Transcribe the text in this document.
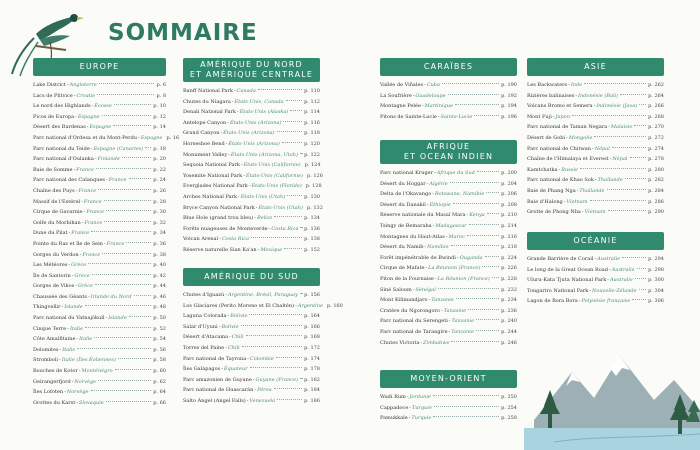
SOMMAIRE
EUROPE
Lake District - Angleterre	p. 6
Lacs de Plitvice - Croatie	p. 8
Le nord des Highlands - Écosse	p. 10
Picos de Europa - Espagne	p. 12
Désert des Bardenas - Espagne	p. 14
Parc national d'Ordesa et du Mont-Perdu - Espagne p. 16
Parc national du Teide - Espagne (Canaries) p. 18
Parc national d'Oulanka - Finlande	p. 20
Baie de Somme - France	p. 22
Parc national des Calanques - France	p. 24
Chaîne des Puys - France	p. 26
Massif de l'Estérel - France	p. 28
Cirque de Gavarnie - France	p. 30
Golfe du Morbihan - France	p. 32
Dune du Pilat - France	p. 34
Pointe du Raz et île de Sein - France	p. 36
Gorges du Verdon - France	p. 38
Les Météores - Grèce	p. 40
Île de Santorin - Grèce	p. 42
Gorges de Vikos - Grèce	p. 44
Chaussée des Géants - Irlande du Nord	p. 46
Thingvellir - Islande	p. 48
Parc national du Vatnajökull - Islande	p. 50
Cinque Terre - Italie	p. 52
Côte Amalfitaine - Italie	p. 54
Dolomites - Italie	p. 56
Stromboli - Italie (Îles Éoliennes)	p. 58
Bouches de Kotor - Monténégro	p. 60
Geirangerfjord - Norvège	p. 62
Îles Lofoten - Norvège	p. 64
Grottes du Karst - Slovaquie	p. 66
AMÉRIQUE DU NORD
ET AMÉRIQUE CENTRALE
Banff National Park - Canada	p. 110
Chutes du Niagara - États-Unis, Canada	p. 112
Denali National Park - États-Unis (Alaska)	p. 114
Antelope Canyon - États-Unis (Arizona)	p. 116
Grand Canyon - États-Unis (Arizona)	p. 118
Horseshoe Bend - États-Unis (Arizona)	p. 120
Monument Valley - États-Unis (Arizona, Utah) p. 122
Sequoia National Park - États-Unis (Californie) p. 124
Yosemite National Park - États-Unis (Californie) p. 126
Everglades National Park - États-Unis (Floride) p. 128
Arches National Park - États-Unis (Utah)	p. 130
Bryce Canyon National Park - États-Unis (Utah) p. 132
Blue Hole (grand trou bleu) - Belize	p. 134
Forêts nuageuses de Monteverde - Costa Rica p. 136
Volcan Arenal - Costa Rica	p. 138
Réserve naturelle Sian Ka'an - Mexique	p. 152
AMÉRIQUE DU SUD
Chutes d'Iguazú - Argentine, Brésil, Paraguay p. 156
Los Glaciares (Perito Moreno et El Chaltén) - Argentine p. 160
Laguna Colorada - Bolivie	p. 164
Salar d'Uyuni - Bolivie	p. 166
Désert d'Atacama - Chili	p. 168
Torres del Paine - Chili	p. 172
Parc national de Tayrona - Colombie	p. 174
Îles Galápagos - Équateur	p. 178
Parc amazonien de Guyane - Guyane (France) p. 182
Parc national de Huascarán - Pérou	p. 184
Salto Ángel (Angel Falls) - Venezuela	p. 186
CARAÏBES
Vallée de Viñales - Cuba	p. 190
La Soufrière - Guadeloupe	p. 192
Montagne Pelée - Martinique	p. 194
Pitons de Sainte-Lucie - Sainte-Lucie	p. 196
AFRIQUE
ET OCEAN INDIEN
Parc national Kruger - Afrique du Sud	p. 200
Désert du Hoggar - Algérie	p. 204
Delta de l'Okavango - Botswana, Namibie	p. 206
Désert du Danakil - Éthiopie	p. 208
Réserve nationale du Masaï Mara - Kenya	p. 210
Tsingy de Bemaraha - Madagascar	p. 214
Montagnes du Haut-Atlas - Maroc	p. 216
Désert du Namib - Namibie	p. 218
Forêt impénétrable de Bwindi - Ouganda	p. 224
Cirque de Mafate - La Réunion (France)	p. 226
Piton de la Fournaise - La Réunion (France) p. 228
Siné Saloum - Sénégal	p. 232
Mont Kilimandjaro - Tanzanie	p. 234
Cratère du Ngorongoro - Tanzanie	p. 236
Parc national du Serengeti - Tanzanie	p. 240
Parc national de Tarangire - Tanzanie	p. 244
Chutes Victoria - Zimbabwe	p. 246
MOYEN-ORIENT
Wadi Rum - Jordanie	p. 250
Cappadoce - Turquie	p. 254
Pamukkale - Turquie	p. 258
ASIE
Les Backwaters - Inde	p. 262
Rizières balinaises - Indonésie (Bali)	p. 264
Volcans Bromo et Semeru - Indonésie (Java) p. 266
Mont Fuji - Japon	p. 268
Parc national de Taman Negara - Malaisie	p. 270
Désert de Gobi - Mongolie	p. 272
Parc national de Chitwan - Népal	p. 274
Chaîne de l'Himalaya et Everest - Népal	p. 278
Kamtchatka - Russie	p. 280
Parc national de Khao Sok - Thaïlande	p. 282
Baie de Phang Nga - Thaïlande	p. 284
Baie d'Halong - Vietnam	p. 286
Grotte de Phong Nha - Vietnam	p. 290
OCÉANIE
Grande Barrière de Corail - Australie	p. 294
Le long de la Great Ocean Road - Australie	p. 298
Uluru-Kata Tjuta National Park - Australie	p. 300
Tongariro National Park - Nouvelle-Zélande p. 304
Lagon de Bora Bora - Polynésie française	p. 306
